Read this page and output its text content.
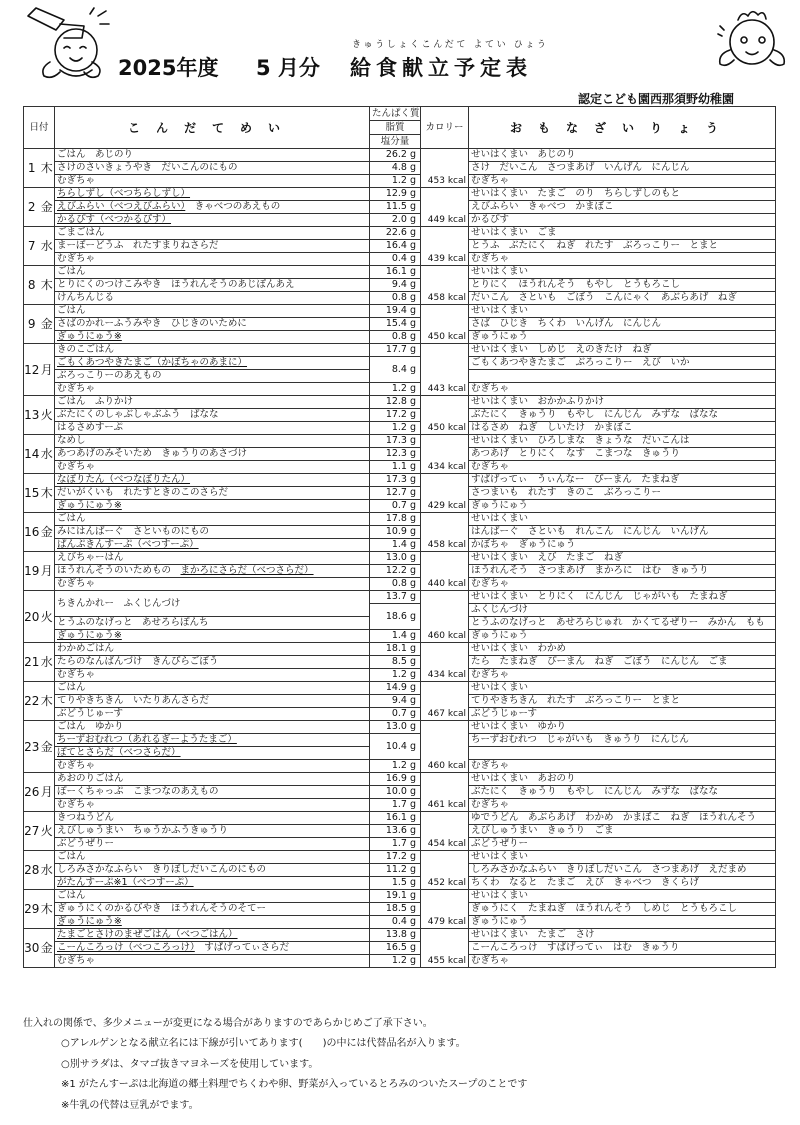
2025年度 5 月分 給食献立予定表
きゅうしょくこんだて よてい ひょう
認定こども園西那須野幼稚園
日付		こんだてめい	たんぱく質	カロリー	おもなざいりょう
			脂質		
			塩分量		
1	木	ごはん　あじのり	26.2 g	453 kcal	せいはくまい　あじのり
		さけのさいきょうやき　だいこんのにもの	4.8 g		さけ　だいこん　さつまあげ　いんげん　にんじん
		むぎちゃ	1.2 g		むぎちゃ
2	金	ちらしずし（べつちらしずし）	12.9 g	449 kcal	せいはくまい　たまご　のり　ちらしずしのもと
		えびふらい（べつえびふらい）　きゃべつのあえもの	11.5 g		えびふらい　きゃべつ　かまぼこ
		かるぴす（べつかるぴす）	2.0 g		かるぴす
7	水	ごまごはん	22.6 g	439 kcal	せいはくまい　ごま
		まーぼーどうふ　れたすまりねさらだ	16.4 g		とうふ　ぶたにく　ねぎ　れたす　ぶろっこりー　とまと
		むぎちゃ	0.4 g		むぎちゃ
8	木	ごはん	16.1 g	458 kcal	せいはくまい
		とりにくのつけこみやき　ほうれんそうのあじぽんあえ	9.4 g		とりにく　ほうれんそう　もやし　とうもろこし
		けんちんじる	0.8 g		だいこん　さといも　ごぼう　こんにゃく　あぶらあげ　ねぎ
9	金	ごはん	19.4 g	450 kcal	せいはくまい
		さばのかれーふうみやき　ひじきのいために	15.4 g		さば　ひじき　ちくわ　いんげん　にんじん
		ぎゅうにゅう※	0.8 g		ぎゅうにゅう
12	月	きのこごはん	17.7 g	443 kcal	せいはくまい　しめじ　えのきたけ　ねぎ
		ごもくあつやきたまご（かぼちゃのあまに）	8.4 g		ごもくあつやきたまご　ぶろっこりー　えび　いか
		ぶろっこりーのあえもの			
		むぎちゃ	1.2 g		むぎちゃ
13	火	ごはん　ふりかけ	12.8 g	450 kcal	せいはくまい　おかかふりかけ
		ぶたにくのしゃぶしゃぶふう　ばなな	17.2 g		ぶたにく　きゅうり　もやし　にんじん　みずな　ばなな
		はるさめすーぷ	1.2 g		はるさめ　ねぎ　しいたけ　かまぼこ
14	水	なめし	17.3 g	434 kcal	せいはくまい　ひろしまな　きょうな　だいこんは
		あつあげのみそいため　きゅうりのあさづけ	12.3 g		あつあげ　とりにく　なす　こまつな　きゅうり
		むぎちゃ	1.1 g		むぎちゃ
15	木	なぽりたん（べつなぽりたん）	17.3 g	429 kcal	すぱげってぃ　うぃんなー　ぴーまん　たまねぎ
		だいがくいも　れたすときのこのさらだ	12.7 g		さつまいも　れたす　きのこ　ぶろっこりー
		ぎゅうにゅう※	0.7 g		ぎゅうにゅう
16	金	ごはん	17.8 g	458 kcal	せいはくまい
		みにはんばーぐ　さといものにもの	10.9 g		はんばーぐ　さといも　れんこん　にんじん　いんげん
		ぱんぷきんすーぷ（べつすーぷ）	1.4 g		かぼちゃ　ぎゅうにゅう
19	月	えびちゃーはん	13.0 g	440 kcal	せいはくまい　えび　たまご　ねぎ
		ほうれんそうのいためもの　まかろにさらだ（べつさらだ）	12.2 g		ほうれんそう　さつまあげ　まかろに　はむ　きゅうり
		むぎちゃ	0.8 g		むぎちゃ
20	火	ちきんかれー　ふくじんづけ	13.7 g	460 kcal	せいはくまい　とりにく　にんじん　じゃがいも　たまねぎ
			18.6 g		ふくじんづけ
		とうふのなげっと　あせろらぽんち			とうふのなげっと　あせろらじゅれ　かくてるぜりー　みかん　もも
		ぎゅうにゅう※	1.4 g		ぎゅうにゅう
21	水	わかめごはん	18.1 g	434 kcal	せいはくまい　わかめ
		たらのなんばんづけ　きんぴらごぼう	8.5 g		たら　たまねぎ　ぴーまん　ねぎ　ごぼう　にんじん　ごま
		むぎちゃ	1.2 g		むぎちゃ
22	木	ごはん	14.9 g	467 kcal	せいはくまい
		てりやきちきん　いたりあんさらだ	9.4 g		てりやきちきん　れたす　ぶろっこりー　とまと
		ぶどうじゅーす	0.7 g		ぶどうじゅーす
23	金	ごはん　ゆかり	13.0 g	460 kcal	せいはくまい　ゆかり
		ちーずおむれつ（あれるぎーようたまご）	10.4 g		ちーずおむれつ　じゃがいも　きゅうり　にんじん
		ぽてとさらだ（べつさらだ）			
		むぎちゃ	1.2 g		むぎちゃ
26	月	あおのりごはん	16.9 g	461 kcal	せいはくまい　あおのり
		ぽーくちゃっぷ　こまつなのあえもの	10.0 g		ぶたにく　きゅうり　もやし　にんじん　みずな　ばなな
		むぎちゃ	1.7 g		むぎちゃ
27	火	きつねうどん	16.1 g	454 kcal	ゆでうどん　あぶらあげ　わかめ　かまぼこ　ねぎ　ほうれんそう
		えびしゅうまい　ちゅうかふうきゅうり	13.6 g		えびしゅうまい　きゅうり　ごま
		ぶどうぜりー	1.7 g		ぶどうぜりー
28	水	ごはん	17.2 g	452 kcal	せいはくまい
		しろみさかなふらい　きりぼしだいこんのにもの	11.2 g		しろみさかなふらい　きりぼしだいこん　さつまあげ　えだまめ
		がたんすーぷ※1（べつすーぷ）	1.5 g		ちくわ　なると　たまご　えび　きゃべつ　きくらげ
29	木	ごはん	19.1 g	479 kcal	せいはくまい
		ぎゅうにくのかるびやき　ほうれんそうのそてー	18.5 g		ぎゅうにく　たまねぎ　ほうれんそう　しめじ　とうもろこし
		ぎゅうにゅう※	0.4 g		ぎゅうにゅう
30	金	たまごとさけのまぜごはん（べつごはん）	13.8 g	455 kcal	せいはくまい　たまご　さけ
		こーんころっけ（べつころっけ）　すぱげってぃさらだ	16.5 g		こーんころっけ　すぱげってぃ　はむ　きゅうり
		むぎちゃ	1.2 g		むぎちゃ
仕入れの関係で、多少メニューが変更になる場合がありますのであらかじめご了承下さい。
○アレルゲンとなる献立名には下線が引いてあります(　　)の中には代替品名が入ります。
○別サラダは、タマゴ抜きマヨネーズを使用しています。
※1 がたんすーぷは北海道の郷土料理でちくわや卵、野菜が入っているとろみのついたスープのことです
※牛乳の代替は豆乳がでます。
